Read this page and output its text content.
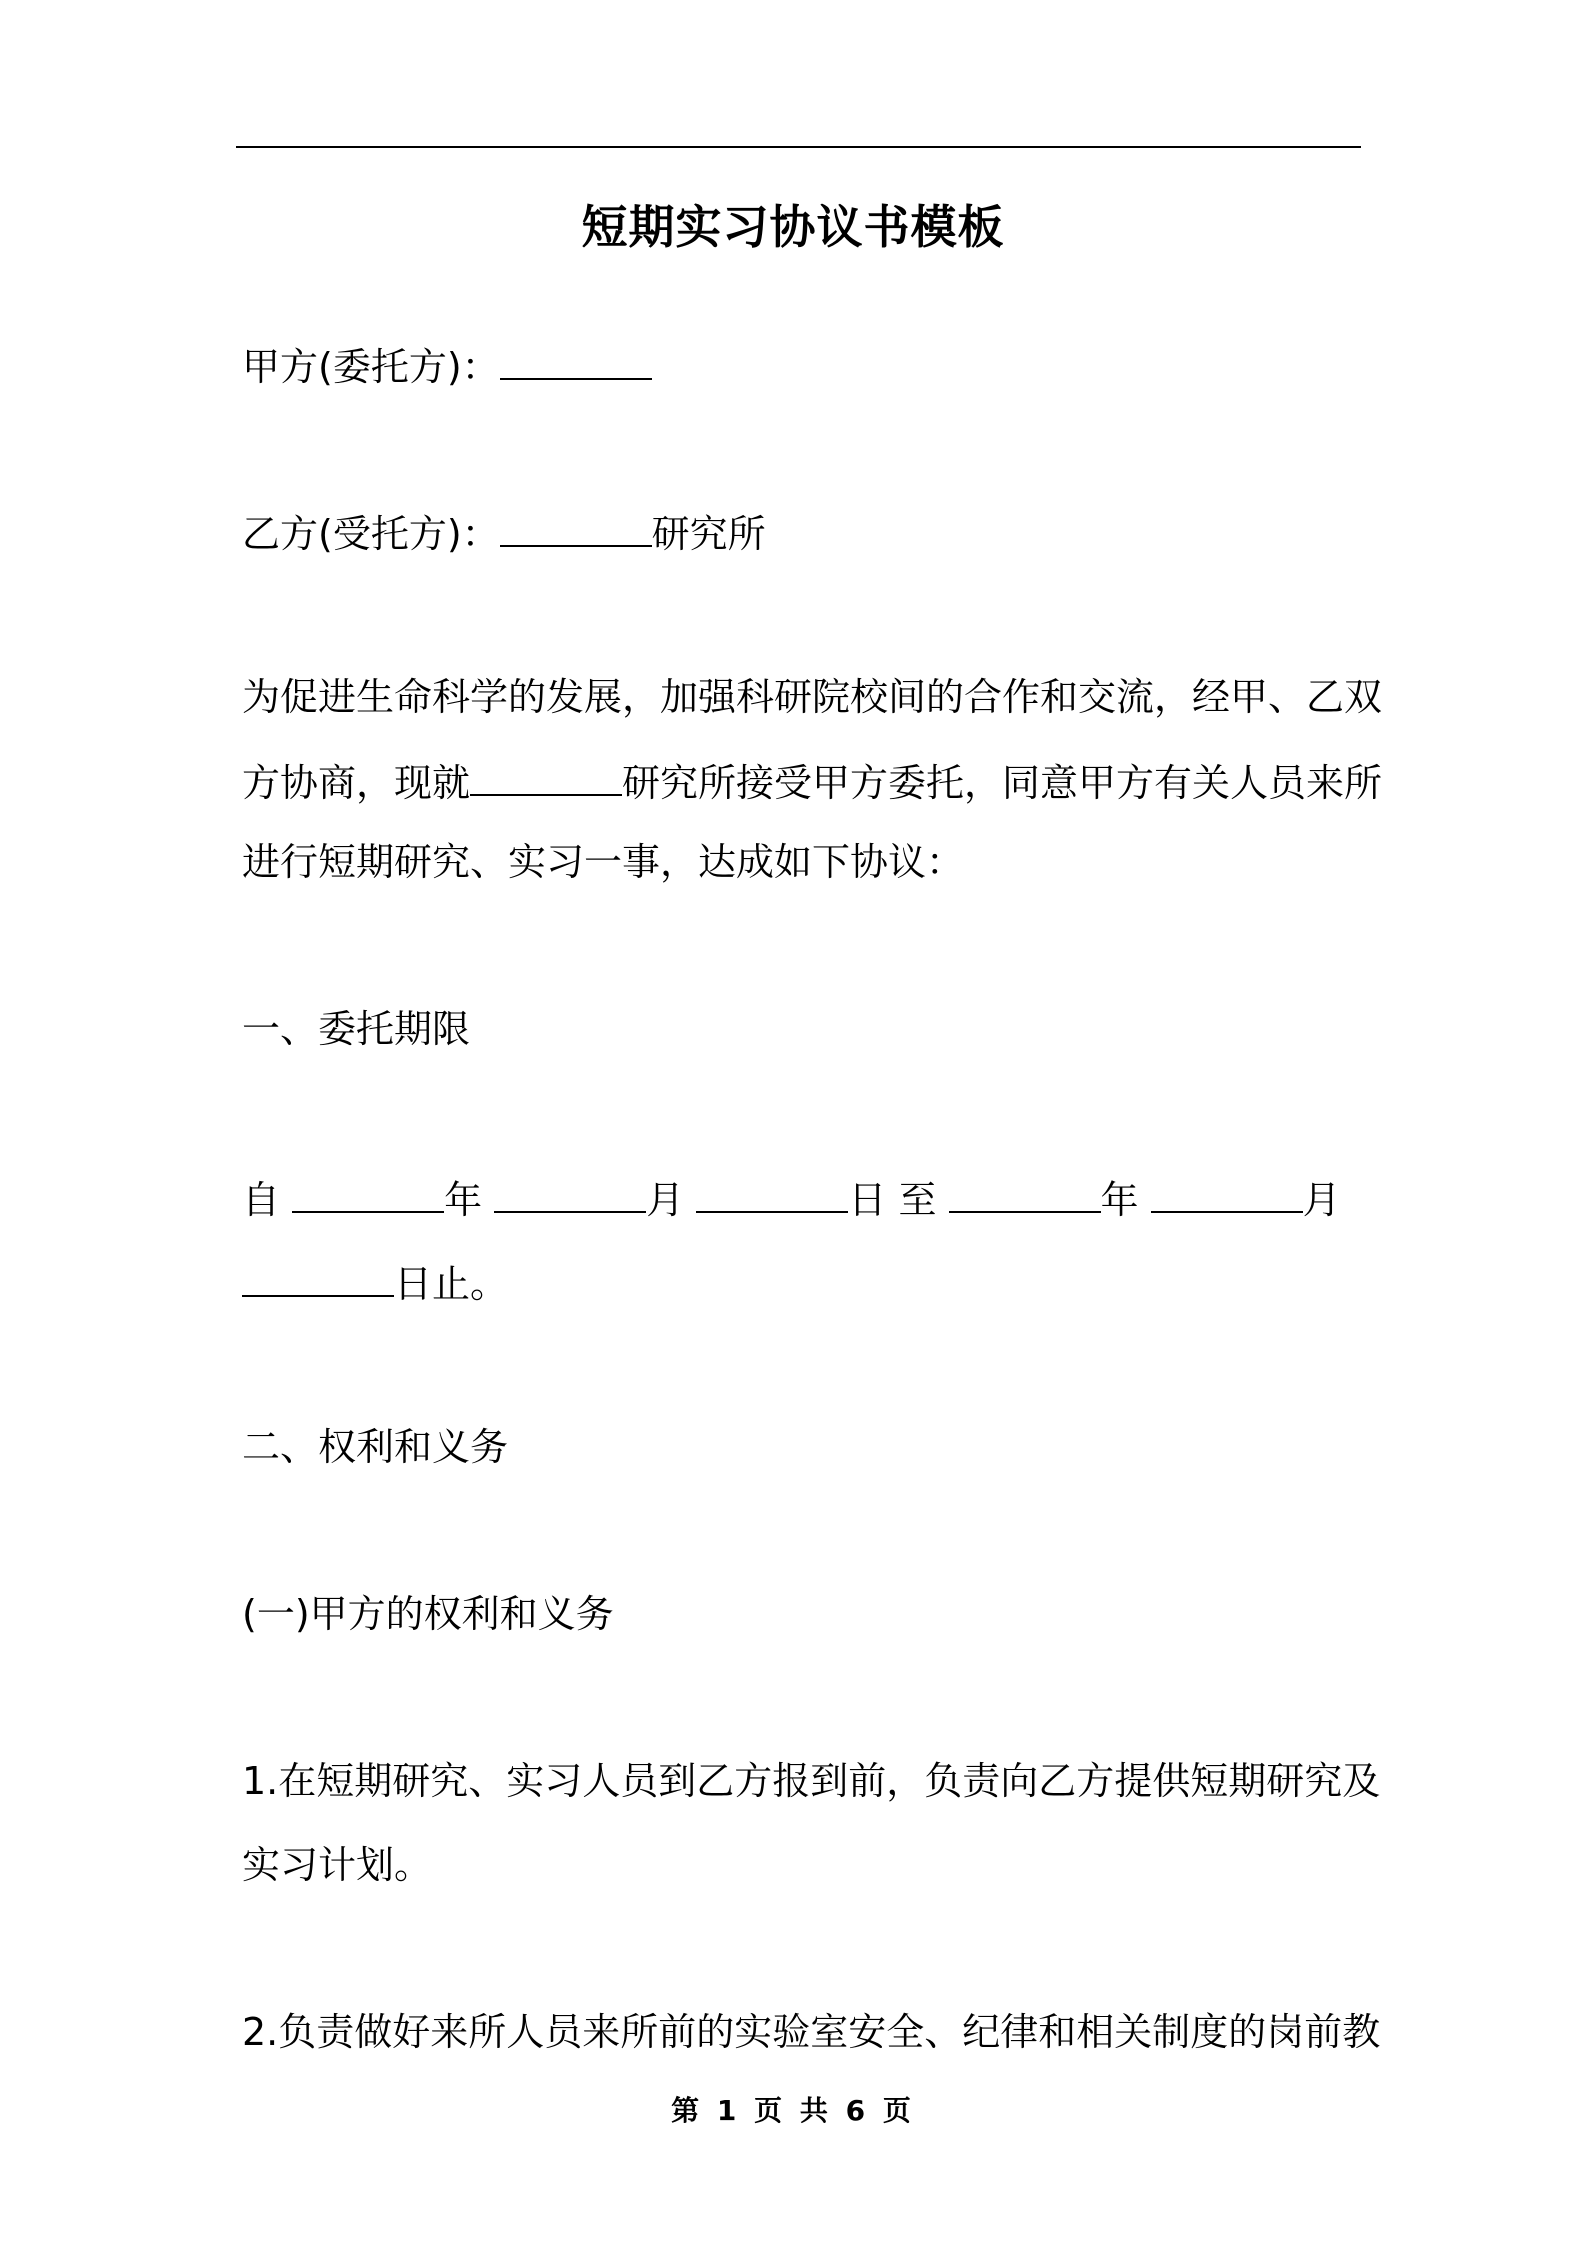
短期实习协议书模板
甲方(委托方)：
乙方(受托方)：	研究所
为促进生命科学的发展，加强科研院校间的合作和交流，经甲、乙双
方协商，现就	研究所接受甲方委托，同意甲方有关人员来所
进行短期研究、实习一事，达成如下协议：
一、委托期限
自	年	月	日 至	年	月
日止。
二、权利和义务
(一)甲方的权利和义务
1.在短期研究、实习人员到乙方报到前，负责向乙方提供短期研究及
实习计划。
2.负责做好来所人员来所前的实验室安全、纪律和相关制度的岗前教
第 1 页 共 6 页
